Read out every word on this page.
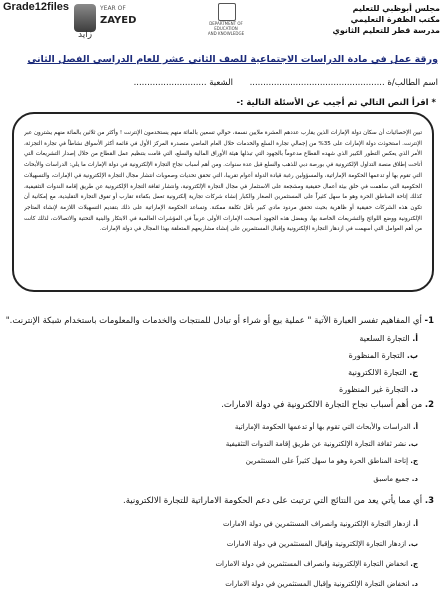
Grade12files	YEAR OF
ZAYED
زايد
DEPARTMENT OF EDUCATION
AND KNOWLEDGE
مجلس أبوظبي للتعليم
مكتب الظفرة التعليمي
مدرسة قطر للتعليم الثانوي
ورقة عمل في مادة الدراسات الاجتماعية للصف الثاني عشر للعام الدراسي الفصل الثاني
اسم الطالب/ة ..................................................
الشعبة ...........................
* اقرأ النص التالي ثم أجيب عن الأسئلة التالية :-
تبين الإحصائيات أن سكان دولة الإمارات الذين يقارب عددهم العشرة ملايين نسمة، حوالي تسعين بالمائة منهم يستخدمون الإنترنت ! وأكثر من ثلاثين بالمائة منهم يشترون عبر الإنترنت. استحوذت دولة الإمارات على 35% من إجمالي تجارة السلع والخدمات خلال العام الماضي متصدرة المركز الأول في قائمة أكثر الأسواق نشاطاً في تجارة التجزئة، الأمر الذي يعكس التطور الكبير الذي شهده القطاع مدعوماً بالجهود التي تبذلها هيئة الأوراق المالية والسلع، التي قامت بتنظيم عمل القطاع من خلال إصدار التشريعات التي أتاحت إطلاق منصة التداول الإلكترونية في بورصة دبي للذهب والسلع قبل عدة سنوات. ومن أهم أسباب نجاح التجارة الإلكترونية في دولة الإمارات ما يلي: الدراسات والأبحاث التي تقوم بها أو تدعمها الحكومة الإماراتية، والمسؤولين رغبة قيادة الدولة أعوام تقريبا، التي تحقق تحديات وصعوبات انتشار مجال التجارة الإلكترونية في الإمارات، والتسهيلات الحكومية التي ساهمت في خلق بيئة أعمال حقيقية ومشجعة على الاستثمار في مجال التجارة الإلكترونية، وانتشار ثقافة التجارة الإلكترونية عن طريق إقامة الندوات التثقيفية، كذلك إتاحة المناطق الحرة وهو ما سهل كثيراً على المستثمرين الصغار والكبار إنشاء شركات تجارية إلكترونية تعمل بكفاءة تقارب أو تفوق التجارة التقليدية، مع إمكانية أن تكون هذه الشركات حقيقية أو ظاهرية بحيث تحقق مردود مادي كبير بأقل تكلفة ممكنة. وتساعد الحكومة الإماراتية على ذلك بتقديم التسهيلات اللازمة لإنشاء المتاجر الإلكترونية ووضع اللوائح والتشريعات الخاصة بها، وبفضل هذه الجهود أصبحت الإمارات الأولى عربياً في المؤشرات العالمية في الابتكار والبنية التحتية والاتصالات، لذلك كانت من أهم العوامل التي أسهمت في ازدهار التجارة الإلكترونية وإقبال المستثمرين على إنشاء مشاريعهم المتعلقة بهذا المجال في دولة الإمارات.
1- أي المفاهيم تفسر العبارة الآتية " عملية بيع أو شراء أو تبادل للمنتجات والخدمات والمعلومات باستخدام شبكة الإنترنت."
أ. التجارة السلعية
ب. التجارة المنظورة
ج. التجارة الالكترونية
د. التجارة غير المنظورة
2. من أهم أسباب نجاح التجارة الالكترونية في دولة الامارات.
أ. الدراسات والأبحاث التي تقوم بها أو تدعمها الحكومة الإماراتية
ب. نشر ثقافة التجارة الإلكترونية عن طريق إقامة الندوات التثقيفية
ج. إتاحة المناطق الحرة وهو ما سهل كثيراً على المستثمرين
د. جميع ماسبق
3. أي مما يأتي يعد من النتائج التي ترتبت على دعم الحكومة الاماراتية للتجارة الالكترونية.
أ. ازدهار التجارة الإلكترونية وانصراف المستثمرين في دولة الامارات
ب. ازدهار التجارة الإلكترونية وإقبال المستثمرين في دولة الامارات
ج. انخفاض التجارة الإلكترونية وانصراف المستثمرين في دولة الامارات
د. انخفاض التجارة الإلكترونية وإقبال المستثمرين في دولة الامارات
